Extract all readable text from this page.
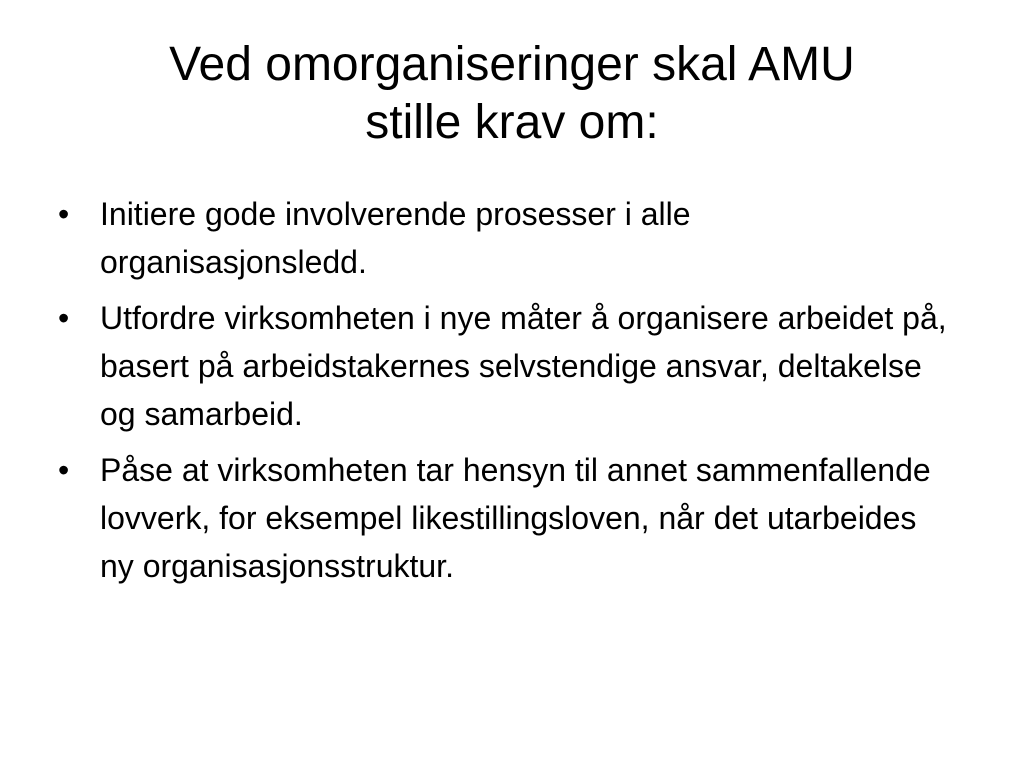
Ved omorganiseringer skal AMU
stille krav om:
• Initiere gode involverende prosesser i alle organisasjonsledd.
• Utfordre virksomheten i nye måter å organisere arbeidet på, basert på arbeidstakernes selvstendige ansvar, deltakelse og samarbeid.
• Påse at virksomheten tar hensyn til annet sammenfallende lovverk, for eksempel likestillingsloven, når det utarbeides ny organisasjonsstruktur.
